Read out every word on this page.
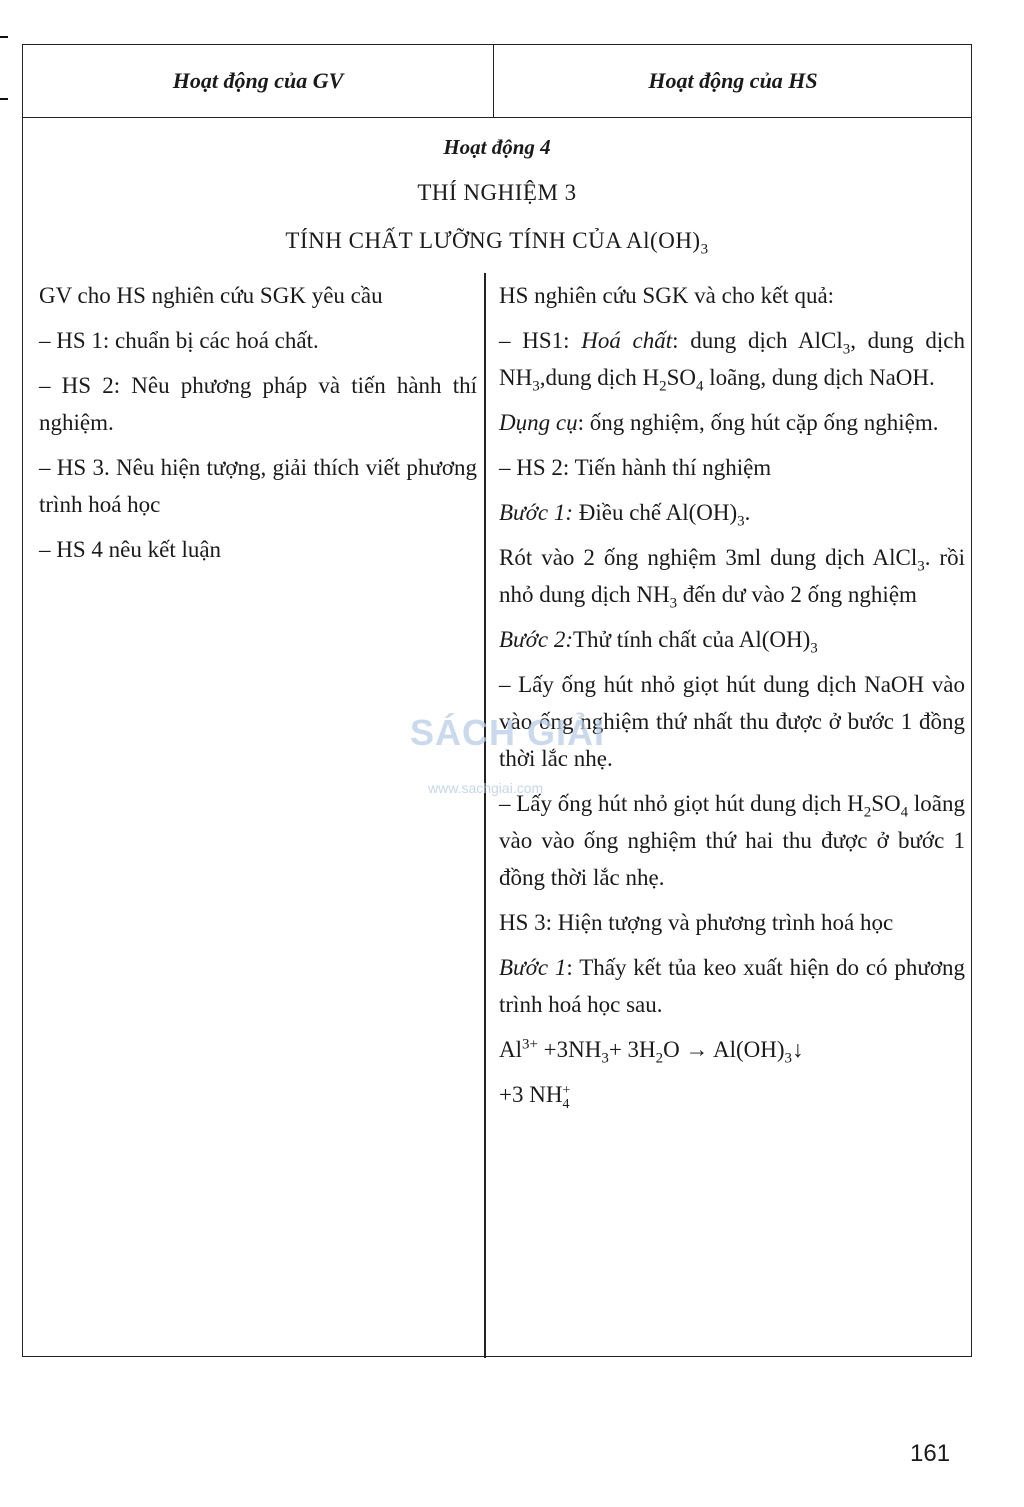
Hoạt động của GV	Hoạt động của HS
Hoạt động 4
THÍ NGHIỆM 3
TÍNH CHẤT LƯỠNG TÍNH CỦA $Al(OH)_3$

GV cho HS nghiên cứu SGK yêu cầu

– HS 1: chuẩn bị các hoá chất.

– HS 2: Nêu phương pháp và tiến hành thí nghiệm.

– HS 3. Nêu hiện tượng, giải thích viết phương trình hoá học

– HS 4 nêu kết luận

HS nghiên cứu SGK và cho kết quả:

– HS1: Hoá chất: dung dịch AlCl$_3$, dung dịch $NH_3,dung$ dịch $H_2SO_4$ loãng, dung dịch NaOH.

Dụng cụ: ống nghiệm, ống hút cặp ống nghiệm.

– HS 2: Tiến hành thí nghiệm

Bước 1: Điều chế $Al(OH)_3$.

Rót vào 2 ống nghiệm 3ml dung dịch AlCl$_3$. rồi nhỏ dung dịch $NH_3$ đến dư vào 2 ống nghiệm

Bước 2:Thử tính chất của $Al(OH)_3$

– Lấy ống hút nhỏ giọt hút dung dịch NaOH vào vào ống nghiệm thứ nhất thu được ở bước 1 đồng thời lắc nhẹ.

– Lấy ống hút nhỏ giọt hút dung dịch $H_2SO_4$ loãng vào vào ống nghiệm thứ hai thu được ở bước 1 đồng thời lắc nhẹ.

HS 3: Hiện tượng và phương trình hoá học

Bước 1: Thấy kết tủa keo xuất hiện do có phương trình hoá học sau.

$Al^{3+} +3NH_3+ 3H_2O$ → $Al(OH)_3↓$

+3 NH +
4

SÁCH GIẢI
www.sachgiai.com
161
